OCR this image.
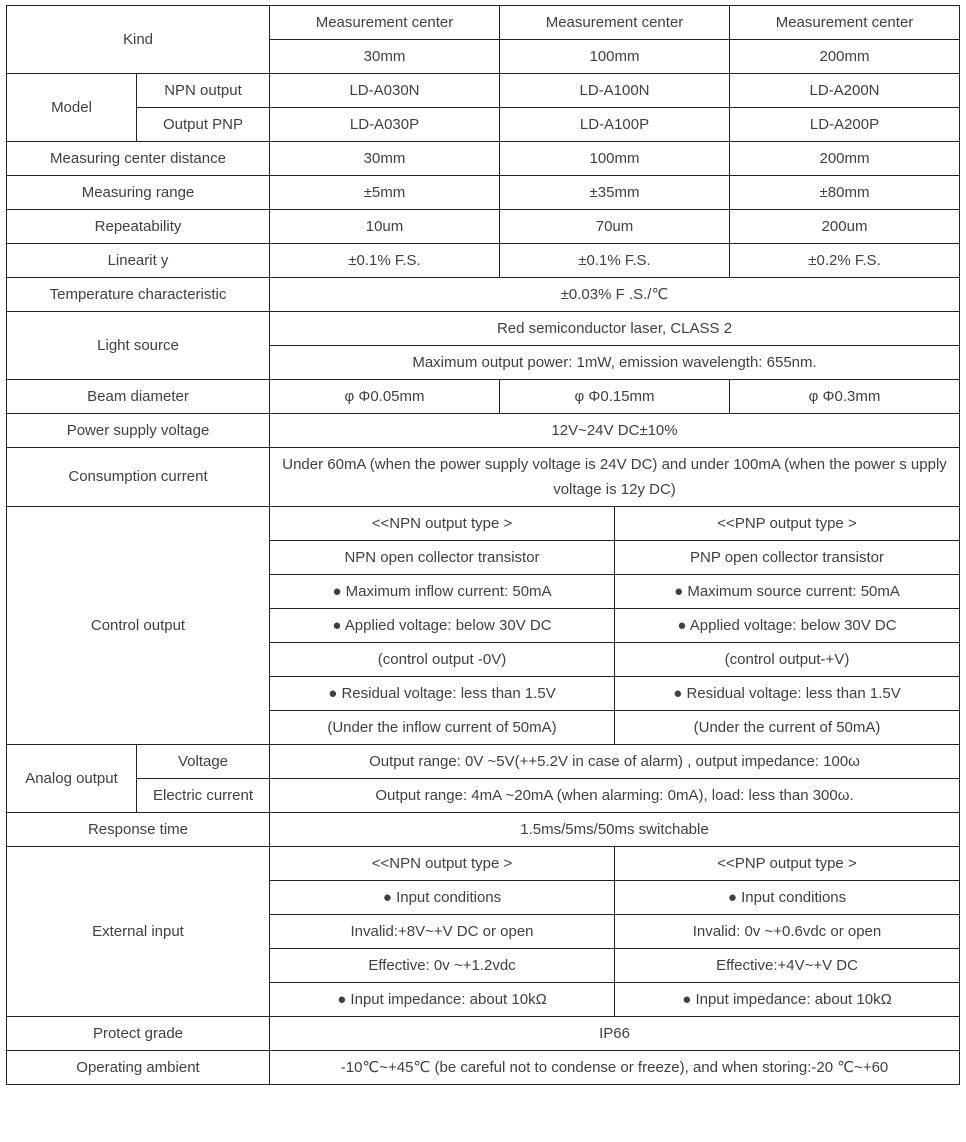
Kind		Measurement center	Measurement center		Measurement center
		30mm	100mm		200mm
Model	NPN output	LD-A030N	LD-A100N		LD-A200N
	Output PNP	LD-A030P	LD-A100P		LD-A200P
Measuring center distance		30mm	100mm		200mm
Measuring range		±5mm	±35mm		±80mm
Repeatability		10um	70um		200um
Linearit y		±0.1% F.S.	±0.1% F.S.		±0.2% F.S.
Temperature characteristic		±0.03% F .S./℃			
Light source		Red semiconductor laser, CLASS 2			
		Maximum output power: 1mW, emission wavelength: 655nm.			
Beam diameter		φ Φ0.05mm	φ Φ0.15mm		φ Φ0.3mm
Power supply voltage		12V~24V DC±10%			
Consumption current		Under 60mA (when the power supply voltage is 24V DC) and under 100mA (when the power s upply voltage is 12y DC)			
Control output		<<NPN output type >		<<PNP output type >	
		NPN open collector transistor		PNP open collector transistor	
		● Maximum inflow current: 50mA		● Maximum source current: 50mA	
		● Applied voltage: below 30V DC		● Applied voltage: below 30V DC	
		(control output -0V)		(control output-+V)	
		● Residual voltage: less than 1.5V		● Residual voltage: less than 1.5V	
		(Under the inflow current of 50mA)		(Under the current of 50mA)	
Analog output	Voltage	Output range: 0V ~5V(++5.2V in case of alarm) , output impedance: 100ω			
	Electric current	Output range: 4mA ~20mA (when alarming: 0mA), load: less than 300ω.			
Response time		1.5ms/5ms/50ms switchable			
External input		<<NPN output type >		<<PNP output type >	
		● Input conditions		● Input conditions	
		Invalid:+8V~+V DC or open		Invalid: 0v ~+0.6vdc or open	
		Effective: 0v ~+1.2vdc		Effective:+4V~+V DC	
		● Input impedance: about 10kΩ		● Input impedance: about 10kΩ	
Protect grade		IP66			
Operating ambient		-10℃~+45℃ (be careful not to condense or freeze), and when storing:-20 ℃~+60			
